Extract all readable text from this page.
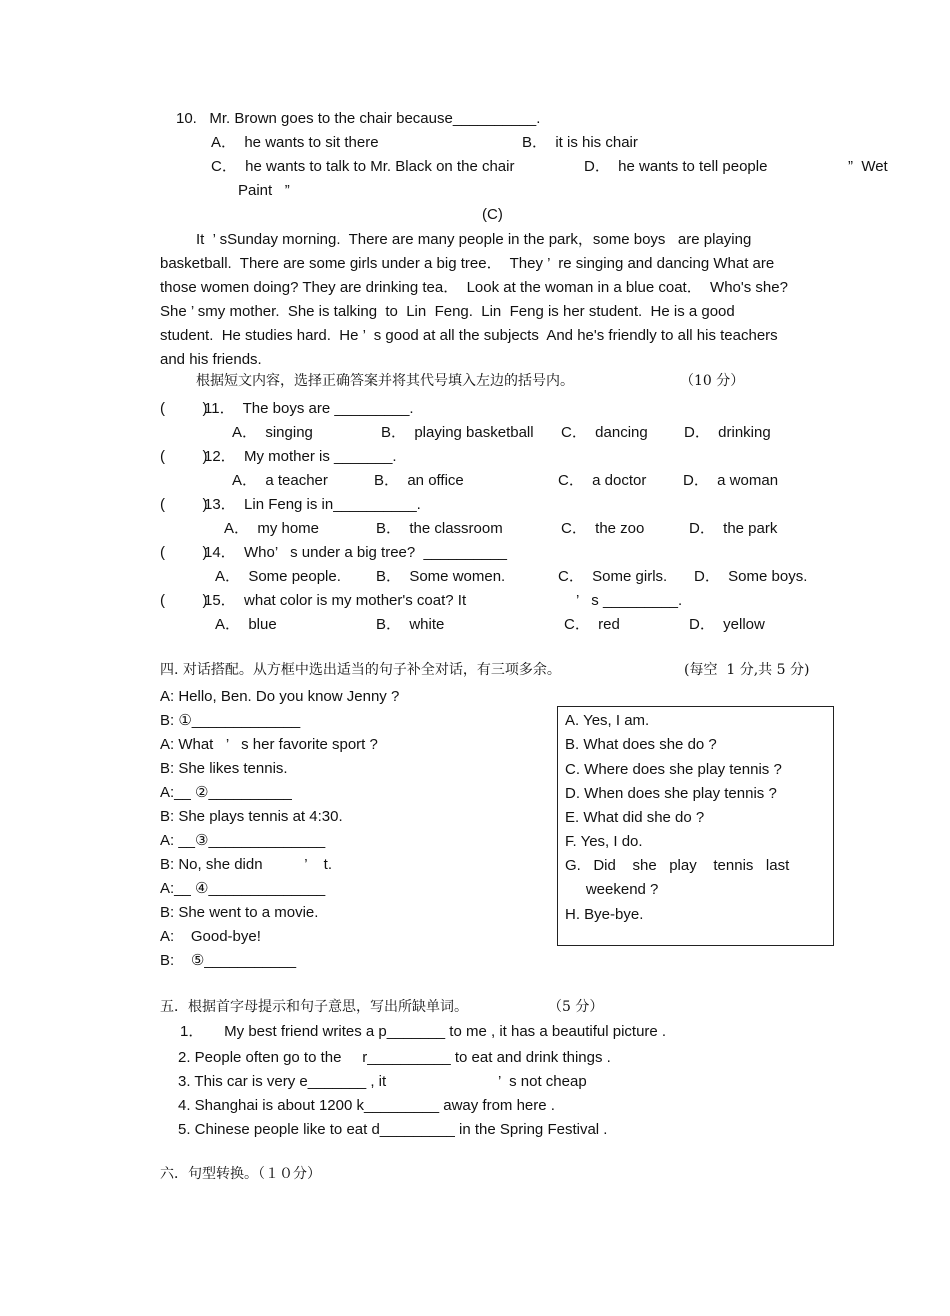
10.   Mr. Brown goes to the chair because__________.
A．  he wants to sit there	B．  it is his chair
C．  he wants to talk to Mr. Black on the chair	D．  he wants to tell people	”  Wet
Paint   ”
(C)
It  ’ sSunday morning.  There are many people in the park，some boys   are playing
basketball.  There are some girls under a big tree．  They ’  re singing and dancing What are
those women doing? They are drinking tea．  Look at the woman in a blue coat．  Who's she?
She ’ smy mother.  She is talking  to  Lin  Feng.  Lin  Feng is her student.  He is a good
student.  He studies hard.  He ’  s good at all the subjects  And he's friendly to all his teachers
and his friends.
根据短文内容，选择正确答案并将其代号填入左边的括号内。	（10 分）
(         )
11．  The boys are _________.
A．  singing	B．  playing basketball C．  dancing D．  drinking
(         )
12．  My mother is _______.
A．  a teacher	B．  an office	C．  a doctor D．  a woman
(         )
13．  Lin Feng is in__________.
A．  my home	B．  the classroom	C．  the zoo	D．  the park
(         )
14．  Who’   s under a big tree?  __________
A．  Some people. B．  Some women.	C．  Some girls. D．  Some boys.
(         )
15．  what color is my mother's coat? It	’   s _________.
A．  blue	B．  white	C．  red	D．  yellow
四. 对话搭配。从方框中选出适当的句子补全对话，有三项多余。	(每空  1 分,共 5 分)
A: Hello, Ben. Do you know Jenny ?
B: ①_____________
A: What   ’   s her favorite sport ?
B: She likes tennis.
A:__ ②__________
B: She plays tennis at 4:30.
A: __③______________
B: No, she didn          ’    t.
A:__ ④______________
B: She went to a movie.
A:    Good-bye!
B:    ⑤___________
A. Yes, I am.
B. What does she do ?
C. Where does she play tennis ?
D. When does she play tennis ?
E. What did she do ?
F. Yes, I do.
G.   Did    she   play    tennis   last
weekend ?
H. Bye-bye.
五．根据首字母提示和句子意思，写出所缺单词。	（5 分）
1．     My best friend writes a p_______ to me , it has a beautiful picture .
2. People often go to the     r__________ to eat and drink things .
3. This car is very e_______ , it	’  s not cheap
4. Shanghai is about 1200 k_________ away from here .
5. Chinese people like to eat d_________ in the Spring Festival .
六．句型转换。（１０分）
